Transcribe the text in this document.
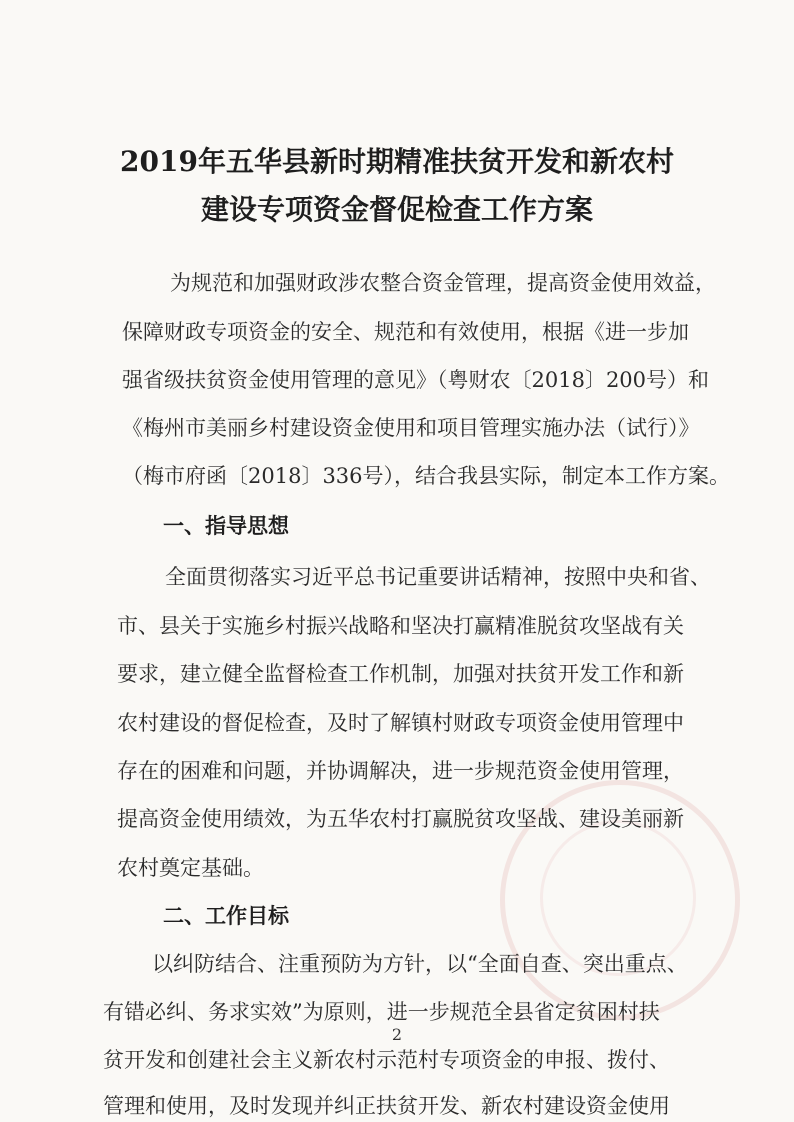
2019年五华县新时期精准扶贫开发和新农村
建设专项资金督促检查工作方案
为规范和加强财政涉农整合资金管理，提高资金使用效益，
保障财政专项资金的安全、规范和有效使用，根据《进一步加
强省级扶贫资金使用管理的意见》（粤财农〔2018〕200号）和
《梅州市美丽乡村建设资金使用和项目管理实施办法（试行）》
（梅市府函〔2018〕336号），结合我县实际，制定本工作方案。
一、指导思想
全面贯彻落实习近平总书记重要讲话精神，按照中央和省、
市、县关于实施乡村振兴战略和坚决打赢精准脱贫攻坚战有关
要求，建立健全监督检查工作机制，加强对扶贫开发工作和新
农村建设的督促检查，及时了解镇村财政专项资金使用管理中
存在的困难和问题，并协调解决，进一步规范资金使用管理，
提高资金使用绩效，为五华农村打赢脱贫攻坚战、建设美丽新
农村奠定基础。
二、工作目标
以纠防结合、注重预防为方针，以“全面自查、突出重点、
有错必纠、务求实效”为原则，进一步规范全县省定贫困村扶
贫开发和创建社会主义新农村示范村专项资金的申报、拨付、
管理和使用，及时发现并纠正扶贫开发、新农村建设资金使用
2
